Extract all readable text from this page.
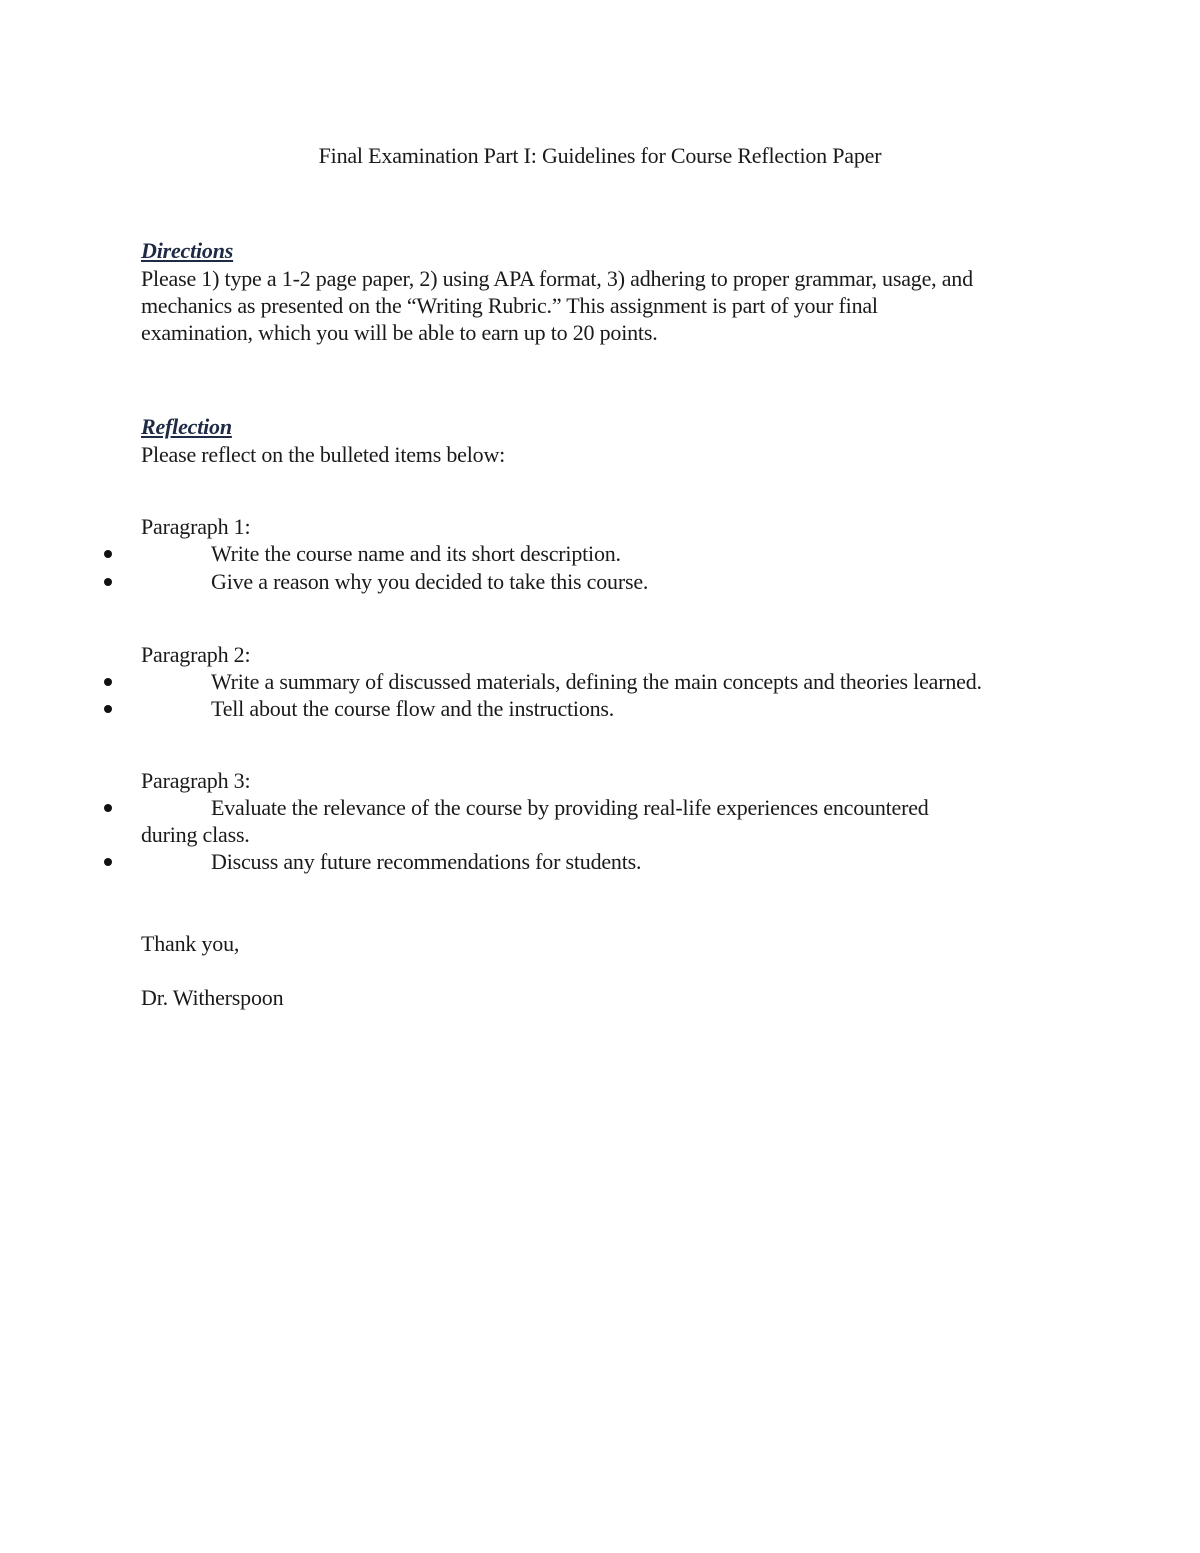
Final Examination Part I: Guidelines for Course Reflection Paper
Directions
Please 1) type a 1-2 page paper, 2) using APA format, 3) adhering to proper grammar, usage, and
mechanics as presented on the “Writing Rubric.” This assignment is part of your final
examination, which you will be able to earn up to 20 points.
Reflection
Please reflect on the bulleted items below:
Paragraph 1:
Write the course name and its short description.
Give a reason why you decided to take this course.
Paragraph 2:
Write a summary of discussed materials, defining the main concepts and theories learned.
Tell about the course flow and the instructions.
Paragraph 3:
Evaluate the relevance of the course by providing real-life experiences encountered
during class.
Discuss any future recommendations for students.
Thank you,
Dr. Witherspoon
